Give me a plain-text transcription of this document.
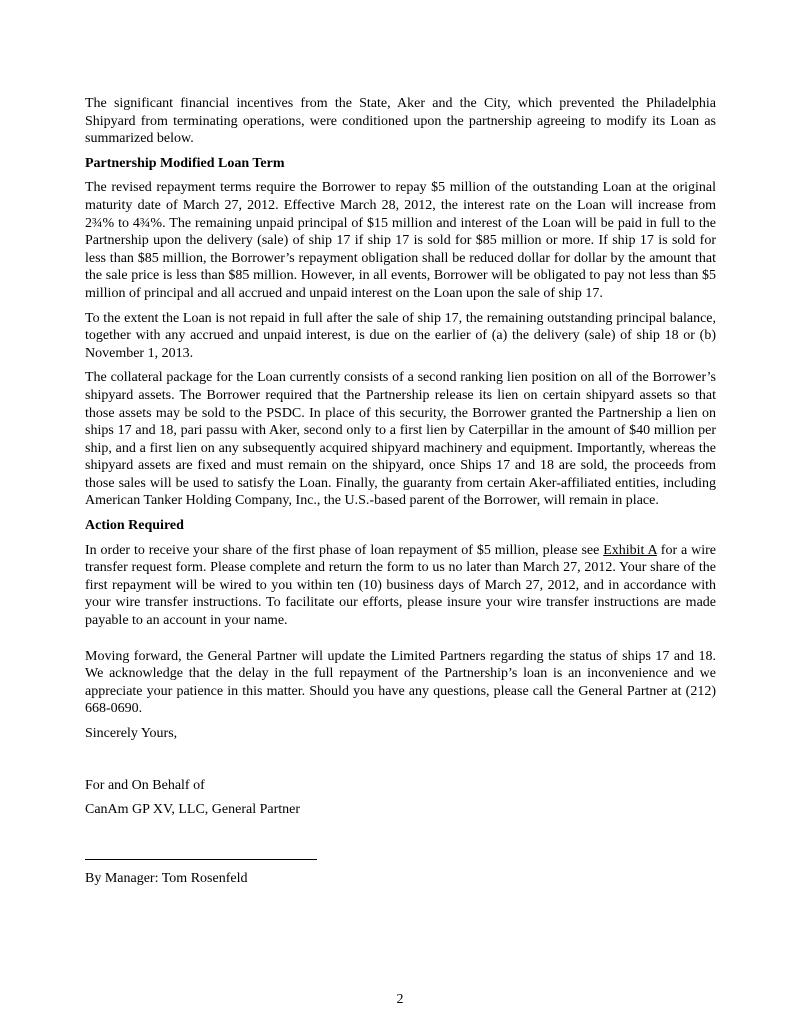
The significant financial incentives from the State, Aker and the City, which prevented the Philadelphia Shipyard from terminating operations, were conditioned upon the partnership agreeing to modify its Loan as summarized below.

Partnership Modified Loan Term

The revised repayment terms require the Borrower to repay $5 million of the outstanding Loan at the original maturity date of March 27, 2012. Effective March 28, 2012, the interest rate on the Loan will increase from 2¾% to 4¾%. The remaining unpaid principal of $15 million and interest of the Loan will be paid in full to the Partnership upon the delivery (sale) of ship 17 if ship 17 is sold for $85 million or more. If ship 17 is sold for less than $85 million, the Borrower’s repayment obligation shall be reduced dollar for dollar by the amount that the sale price is less than $85 million. However, in all events, Borrower will be obligated to pay not less than $5 million of principal and all accrued and unpaid interest on the Loan upon the sale of ship 17.

To the extent the Loan is not repaid in full after the sale of ship 17, the remaining outstanding principal balance, together with any accrued and unpaid interest, is due on the earlier of (a) the delivery (sale) of ship 18 or (b) November 1, 2013.

The collateral package for the Loan currently consists of a second ranking lien position on all of the Borrower’s shipyard assets. The Borrower required that the Partnership release its lien on certain shipyard assets so that those assets may be sold to the PSDC. In place of this security, the Borrower granted the Partnership a lien on ships 17 and 18, pari passu with Aker, second only to a first lien by Caterpillar in the amount of $40 million per ship, and a first lien on any subsequently acquired shipyard machinery and equipment. Importantly, whereas the shipyard assets are fixed and must remain on the shipyard, once Ships 17 and 18 are sold, the proceeds from those sales will be used to satisfy the Loan. Finally, the guaranty from certain Aker-affiliated entities, including American Tanker Holding Company, Inc., the U.S.-based parent of the Borrower, will remain in place.

Action Required

In order to receive your share of the first phase of loan repayment of $5 million, please see Exhibit A for a wire transfer request form. Please complete and return the form to us no later than March 27, 2012. Your share of the first repayment will be wired to you within ten (10) business days of March 27, 2012, and in accordance with your wire transfer instructions. To facilitate our efforts, please insure your wire transfer instructions are made payable to an account in your name.

Moving forward, the General Partner will update the Limited Partners regarding the status of ships 17 and 18. We acknowledge that the delay in the full repayment of the Partnership’s loan is an inconvenience and we appreciate your patience in this matter. Should you have any questions, please call the General Partner at (212) 668-0690.

Sincerely Yours,

For and On Behalf of

CanAm GP XV, LLC, General Partner

By Manager: Tom Rosenfeld

2
